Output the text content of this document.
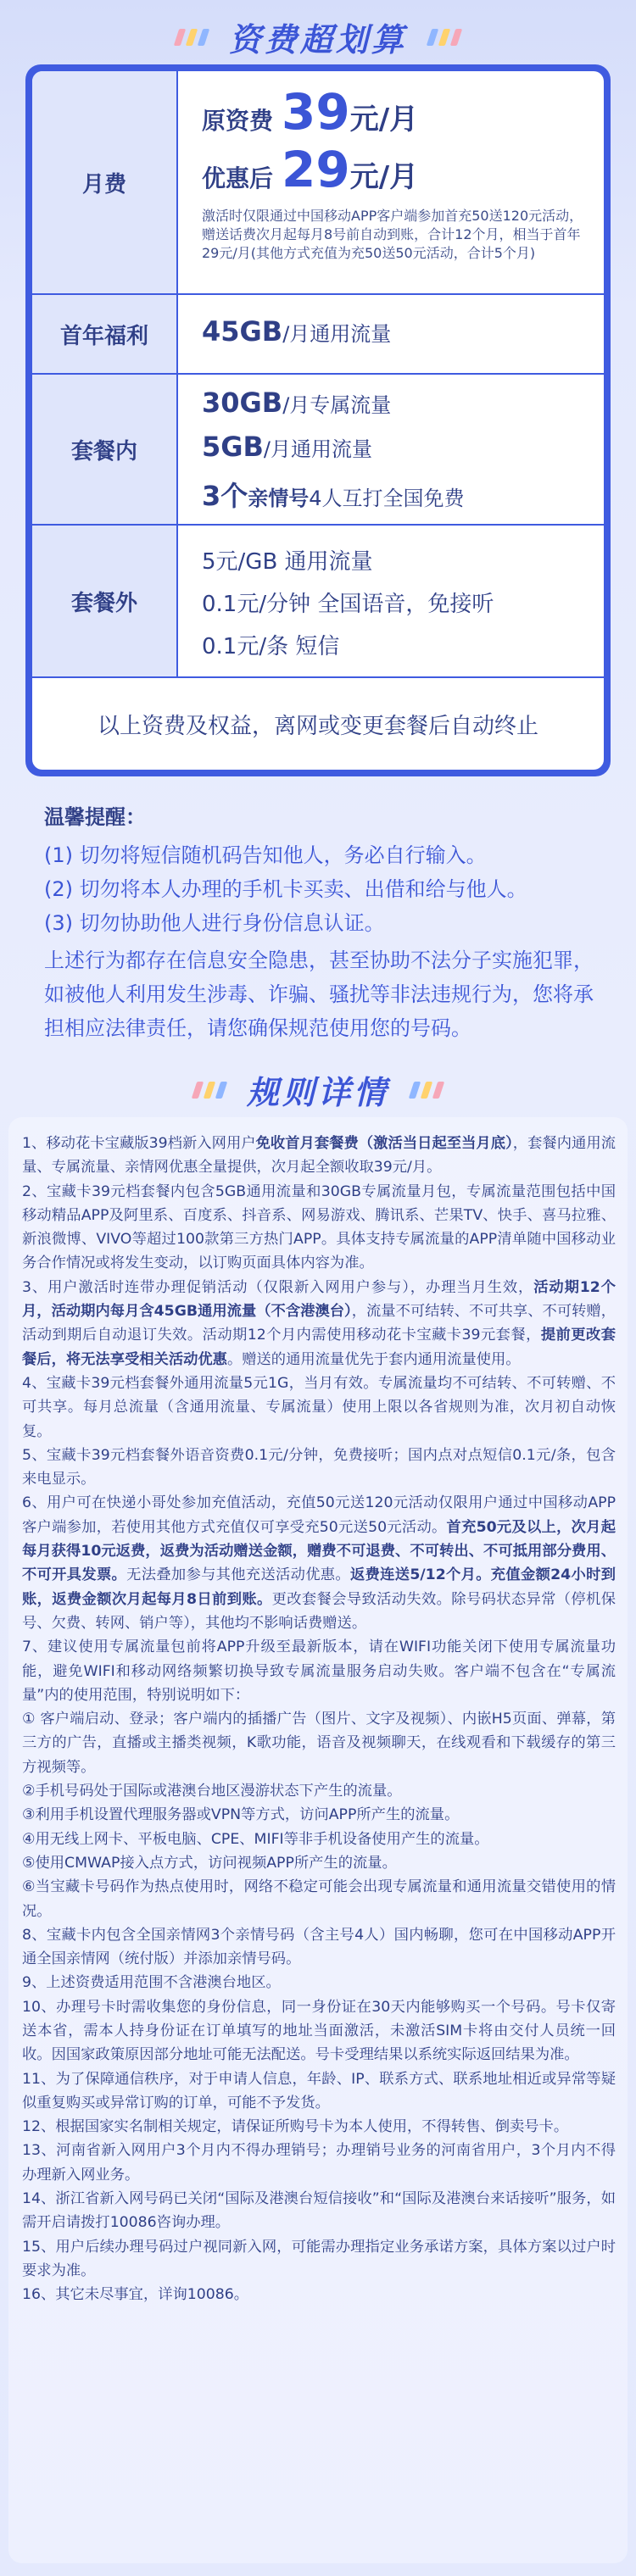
资费超划算
月费
原资费 39 元/月
优惠后 29 元/月
激活时仅限通过中国移动APP客户端参加首充50送120元活动，赠送话费次月起每月8号前自动到账，合计12个月，相当于首年29元/月(其他方式充值为充50送50元活动，合计5个月)
首年福利	45GB/月通用流量
套餐内
30GB/月专属流量
5GB/月通用流量
3个亲情号4人互打全国免费
套餐外
5元/GB 通用流量
0.1元/分钟 全国语音，免接听
0.1元/条 短信
以上资费及权益，离网或变更套餐后自动终止
温馨提醒：
(1) 切勿将短信随机码告知他人，务必自行输入。
(2) 切勿将本人办理的手机卡买卖、出借和给与他人。
(3) 切勿协助他人进行身份信息认证。
上述行为都存在信息安全隐患，甚至协助不法分子实施犯罪，如被他人利用发生涉毒、诈骗、骚扰等非法违规行为，您将承担相应法律责任，请您确保规范使用您的号码。
规则详情

1、移动花卡宝藏版39档新入网用户免收首月套餐费（激活当日起至当月底），套餐内通用流量、专属流量、亲情网优惠全量提供，次月起全额收取39元/月。

2、宝藏卡39元档套餐内包含5GB通用流量和30GB专属流量月包，专属流量范围包括中国移动精品APP及阿里系、百度系、抖音系、网易游戏、腾讯系、芒果TV、快手、喜马拉雅、新浪微博、VIVO等超过100款第三方热门APP。具体支持专属流量的APP清单随中国移动业务合作情况或将发生变动，以订购页面具体内容为准。

3、用户激活时连带办理促销活动（仅限新入网用户参与），办理当月生效，活动期12个月，活动期内每月含45GB通用流量（不含港澳台），流量不可结转、不可共享、不可转赠，活动到期后自动退订失效。活动期12个月内需使用移动花卡宝藏卡39元套餐，提前更改套餐后，将无法享受相关活动优惠。赠送的通用流量优先于套内通用流量使用。

4、宝藏卡39元档套餐外通用流量5元1G，当月有效。专属流量均不可结转、不可转赠、不可共享。每月总流量（含通用流量、专属流量）使用上限以各省规则为准，次月初自动恢复。

5、宝藏卡39元档套餐外语音资费0.1元/分钟，免费接听；国内点对点短信0.1元/条，包含来电显示。

6、用户可在快递小哥处参加充值活动，充值50元送120元活动仅限用户通过中国移动APP客户端参加，若使用其他方式充值仅可享受充50元送50元活动。首充50元及以上，次月起每月获得10元返费，返费为活动赠送金额，赠费不可退费、不可转出、不可抵用部分费用、不可开具发票。无法叠加参与其他充送活动优惠。返费连送5/12个月。充值金额24小时到账，返费金额次月起每月8日前到账。更改套餐会导致活动失效。除号码状态异常（停机保号、欠费、转网、销户等），其他均不影响话费赠送。

7、建议使用专属流量包前将APP升级至最新版本，请在WIFI功能关闭下使用专属流量功能，避免WIFI和移动网络频繁切换导致专属流量服务启动失败。客户端不包含在“专属流量”内的使用范围，特别说明如下：

① 客户端启动、登录；客户端内的插播广告（图片、文字及视频）、内嵌H5页面、弹幕，第三方的广告，直播或主播类视频，K歌功能，语音及视频聊天，在线观看和下载缓存的第三方视频等。

②手机号码处于国际或港澳台地区漫游状态下产生的流量。

③利用手机设置代理服务器或VPN等方式，访问APP所产生的流量。

④用无线上网卡、平板电脑、CPE、MIFI等非手机设备使用产生的流量。

⑤使用CMWAP接入点方式，访问视频APP所产生的流量。

⑥当宝藏卡号码作为热点使用时，网络不稳定可能会出现专属流量和通用流量交错使用的情况。

8、宝藏卡内包含全国亲情网3个亲情号码（含主号4人）国内畅聊，您可在中国移动APP开通全国亲情网（统付版）并添加亲情号码。

9、上述资费适用范围不含港澳台地区。

10、办理号卡时需收集您的身份信息，同一身份证在30天内能够购买一个号码。号卡仅寄送本省，需本人持身份证在订单填写的地址当面激活，未激活SIM卡将由交付人员统一回收。因国家政策原因部分地址可能无法配送。号卡受理结果以系统实际返回结果为准。

11、为了保障通信秩序，对于申请人信息，年龄、IP、联系方式、联系地址相近或异常等疑似重复购买或异常订购的订单，可能不予发货。

12、根据国家实名制相关规定，请保证所购号卡为本人使用，不得转售、倒卖号卡。

13、河南省新入网用户3个月内不得办理销号；办理销号业务的河南省用户，3个月内不得办理新入网业务。

14、浙江省新入网号码已关闭“国际及港澳台短信接收”和“国际及港澳台来话接听”服务，如需开启请拨打10086咨询办理。

15、用户后续办理号码过户视同新入网，可能需办理指定业务承诺方案，具体方案以过户时要求为准。

16、其它未尽事宜，详询10086。
